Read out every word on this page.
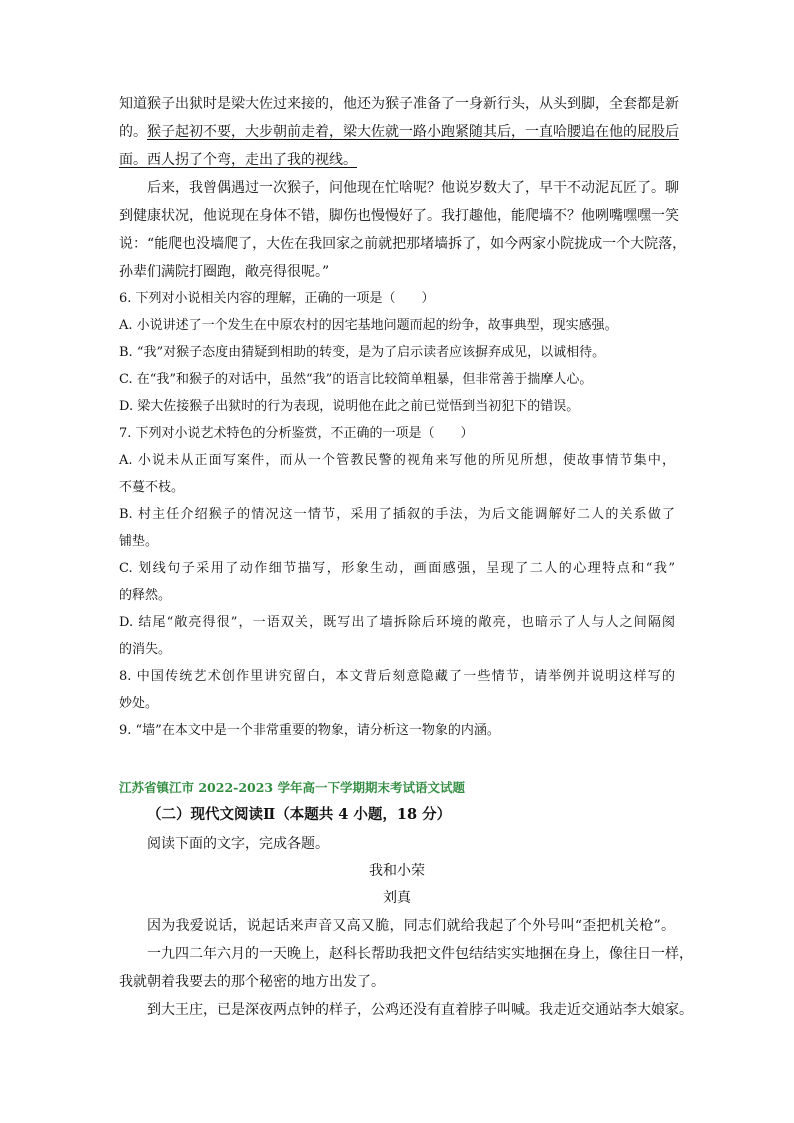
知道猴子出狱时是梁大佐过来接的，他还为猴子准备了一身新行头，从头到脚，全套都是新
的。猴子起初不要，大步朝前走着，梁大佐就一路小跑紧随其后，一直哈腰追在他的屁股后
面。西人拐了个弯，走出了我的视线。
后来，我曾偶遇过一次猴子，问他现在忙啥呢？他说岁数大了，早干不动泥瓦匠了。聊
到健康状况，他说现在身体不错，脚伤也慢慢好了。我打趣他，能爬墙不？他咧嘴嘿嘿一笑
说：“能爬也没墙爬了，大佐在我回家之前就把那堵墙拆了，如今两家小院拢成一个大院落，
孙辈们满院打圈跑，敞亮得很呢。”
6. 下列对小说相关内容的理解，正确的一项是（　　）
A. 小说讲述了一个发生在中原农村的因宅基地问题而起的纷争，故事典型，现实感强。
B. “我”对猴子态度由猜疑到相助的转变，是为了启示读者应该摒弃成见，以诚相待。
C. 在“我”和猴子的对话中，虽然“我”的语言比较简单粗暴，但非常善于揣摩人心。
D. 梁大佐接猴子出狱时的行为表现，说明他在此之前已觉悟到当初犯下的错误。
7. 下列对小说艺术特色的分析鉴赏，不正确的一项是（　　）
A. 小说未从正面写案件，而从一个管教民警的视角来写他的所见所想，使故事情节集中，
不蔓不枝。
B. 村主任介绍猴子的情况这一情节，采用了插叙的手法，为后文能调解好二人的关系做了
铺垫。
C. 划线句子采用了动作细节描写，形象生动，画面感强，呈现了二人的心理特点和“我”
的释然。
D. 结尾“敞亮得很”，一语双关，既写出了墙拆除后环境的敞亮，也暗示了人与人之间隔阂
的消失。
8. 中国传统艺术创作里讲究留白，本文背后刻意隐藏了一些情节，请举例并说明这样写的
妙处。
9. “墙”在本文中是一个非常重要的物象，请分析这一物象的内涵。
江苏省镇江市 2022-2023 学年高一下学期期末考试语文试题
（二）现代文阅读Ⅱ（本题共 4 小题，18 分）
阅读下面的文字，完成各题。
我和小荣
刘真
因为我爱说话，说起话来声音又高又脆，同志们就给我起了个外号叫“歪把机关枪”。
一九四二年六月的一天晚上，赵科长帮助我把文件包结结实实地捆在身上，像往日一样，
我就朝着我要去的那个秘密的地方出发了。
到大王庄，已是深夜两点钟的样子，公鸡还没有直着脖子叫喊。我走近交通站李大娘家。
